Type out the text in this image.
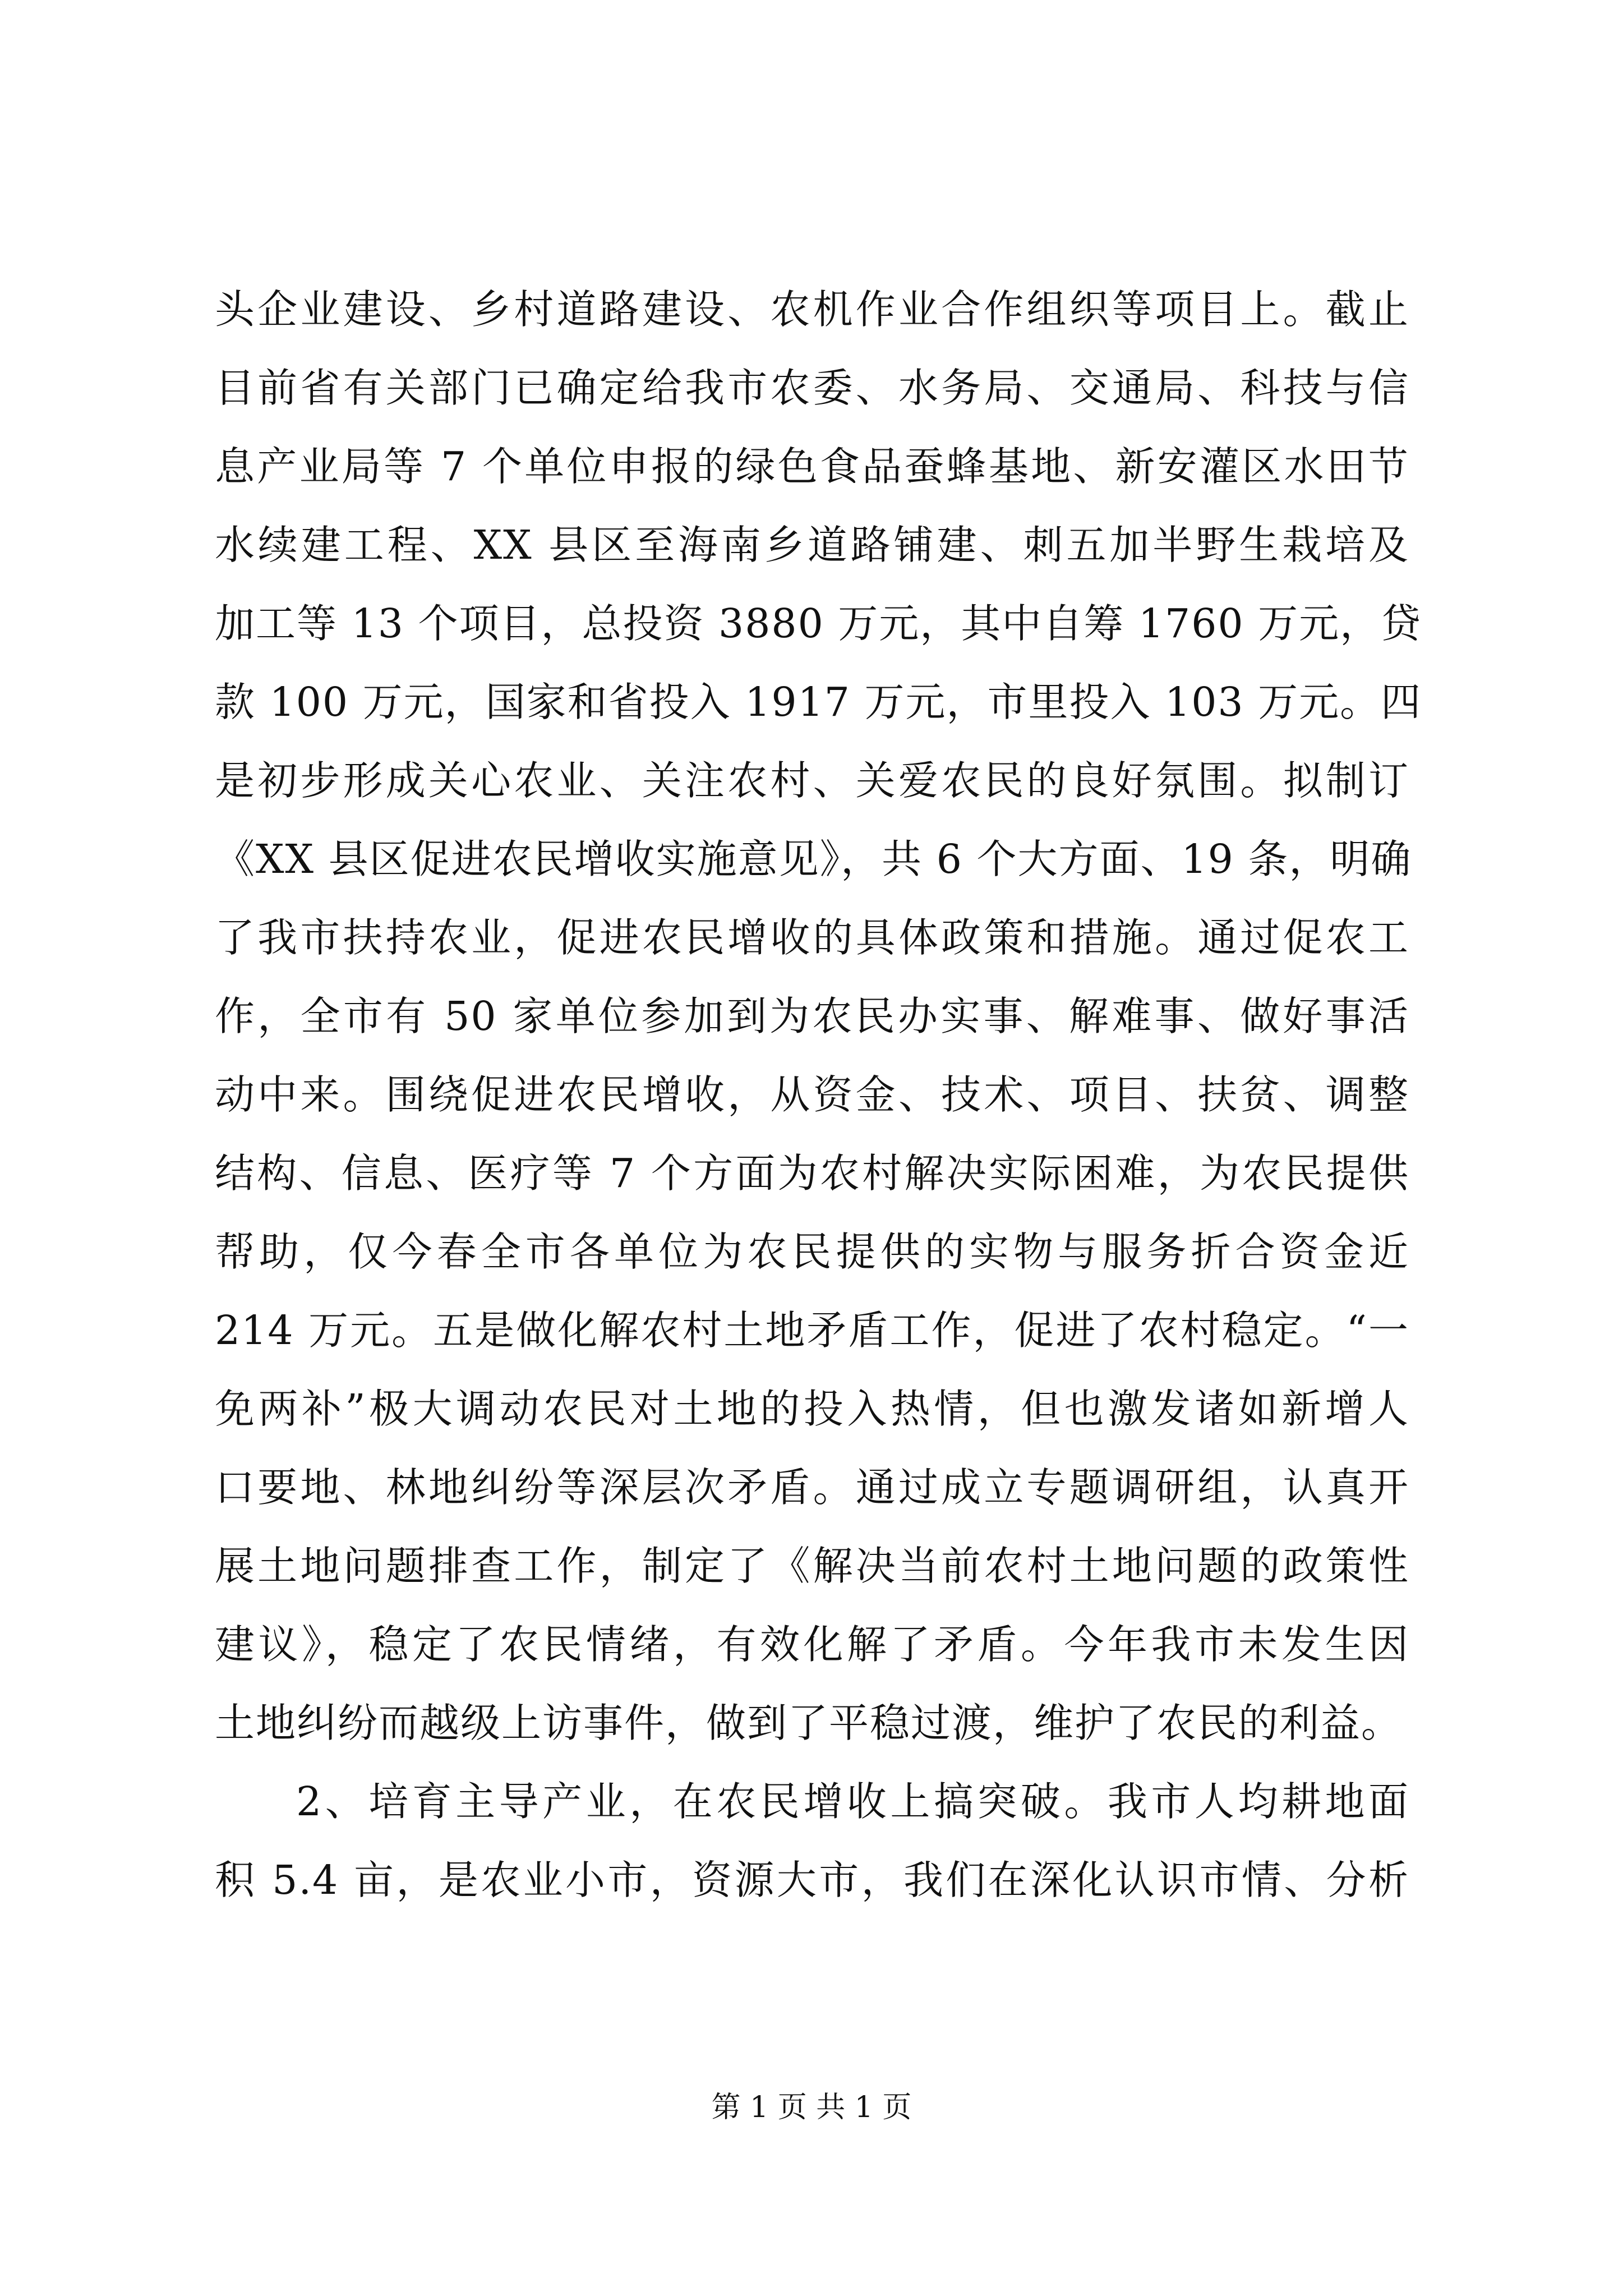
头企业建设、乡村道路建设、农机作业合作组织等项目上。截止
目前省有关部门已确定给我市农委、水务局、交通局、科技与信
息产业局等 7 个单位申报的绿色食品蚕蜂基地、新安灌区水田节
水续建工程、XX 县区至海南乡道路铺建、刺五加半野生栽培及
加工等 13 个项目，总投资 3880 万元，其中自筹 1760 万元，贷
款 100 万元，国家和省投入 1917 万元，市里投入 103 万元。四
是初步形成关心农业、关注农村、关爱农民的良好氛围。拟制订
《XX 县区促进农民增收实施意见》，共 6 个大方面、19 条，明确
了我市扶持农业，促进农民增收的具体政策和措施。通过促农工
作，全市有 50 家单位参加到为农民办实事、解难事、做好事活
动中来。围绕促进农民增收，从资金、技术、项目、扶贫、调整
结构、信息、医疗等 7 个方面为农村解决实际困难，为农民提供
帮助，仅今春全市各单位为农民提供的实物与服务折合资金近
214 万元。五是做化解农村土地矛盾工作，促进了农村稳定。“一
免两补”极大调动农民对土地的投入热情，但也激发诸如新增人
口要地、林地纠纷等深层次矛盾。通过成立专题调研组，认真开
展土地问题排查工作，制定了《解决当前农村土地问题的政策性
建议》，稳定了农民情绪，有效化解了矛盾。今年我市未发生因
土地纠纷而越级上访事件，做到了平稳过渡，维护了农民的利益。
2、培育主导产业，在农民增收上搞突破。我市人均耕地面
积 5.4 亩，是农业小市，资源大市，我们在深化认识市情、分析
第 1 页 共 1 页
